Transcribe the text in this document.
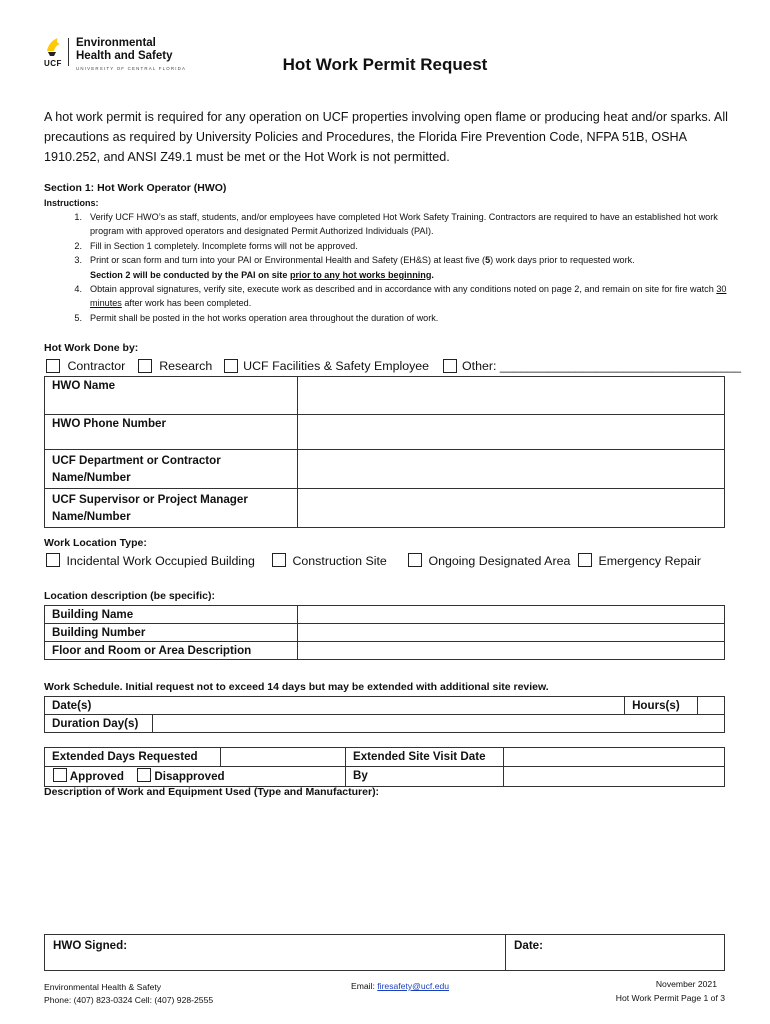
UCF
Environmental
Health and Safety
UNIVERSITY OF CENTRAL FLORIDA	Hot Work Permit Request
A hot work permit is required for any operation on UCF properties involving open flame or producing heat and/or sparks. All precautions as required by University Policies and Procedures, the Florida Fire Prevention Code, NFPA 51B, OSHA 1910.252, and ANSI Z49.1 must be met or the Hot Work is not permitted.
Section 1: Hot Work Operator (HWO)
Instructions:
1. Verify UCF HWO’s as staff, students, and/or employees have completed Hot Work Safety Training. Contractors are required to have an established hot work program with approved operators and designated Permit Authorized Individuals (PAI).
2. Fill in Section 1 completely. Incomplete forms will not be approved.
3. Print or scan form and turn into your PAI or Environmental Health and Safety (EH&S) at least five (5) work days prior to requested work.
Section 2 will be conducted by the PAI on site prior to any hot works beginning.
4. Obtain approval signatures, verify site, execute work as described and in accordance with any conditions noted on page 2, and remain on site for fire watch 30 minutes after work has been completed.
5. Permit shall be posted in the hot works operation area throughout the duration of work.
Hot Work Done by:
Contractor	Research UCF Facilities & Safety Employee	Other: ___________________________________
HWO Name	
HWO Phone Number	
UCF Department or Contractor
Name/Number	
UCF Supervisor or Project Manager
Name/Number	
Work Location Type:
Incidental Work Occupied Building	Construction Site	Ongoing Designated Area	Emergency Repair
Location description (be specific):
Building Name	
Building Number	
Floor and Room or Area Description	
Work Schedule. Initial request not to exceed 14 days but may be extended with additional site review.
Date(s)		Hours(s)	
Duration Day(s)			
Extended Days Requested		Extended Site Visit Date	
Approved Disapproved		By	
Description of Work and Equipment Used (Type and Manufacturer):
HWO Signed:	Date:
Environmental Health & Safety
Phone: (407) 823-0324 Cell: (407) 928-2555
Email: firesafety@ucf.edu	November 2021
Hot Work Permit Page 1 of 3
